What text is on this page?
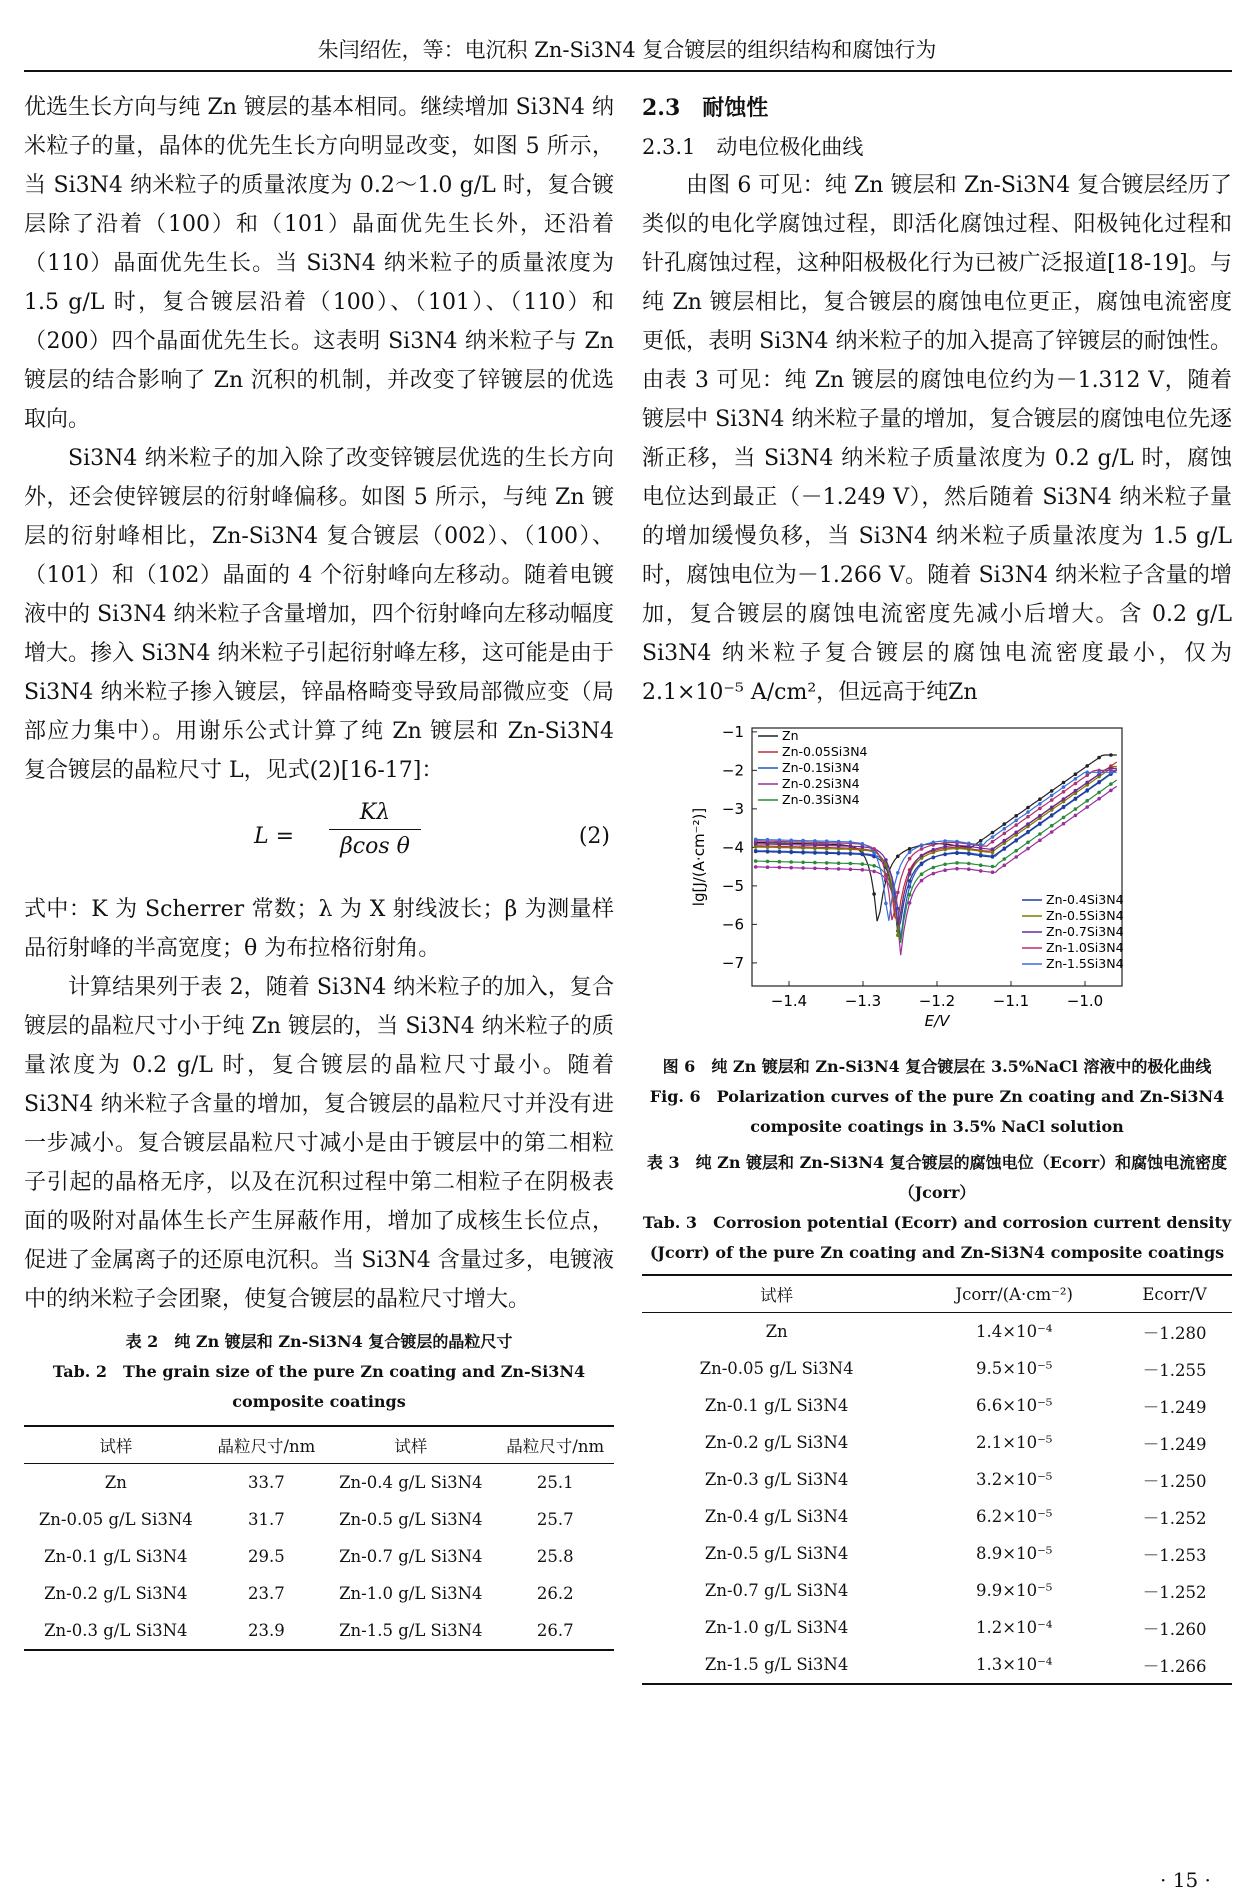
朱闫绍佐，等：电沉积 Zn-Si3N4 复合镀层的组织结构和腐蚀行为

优选生长方向与纯 Zn 镀层的基本相同。继续增加 Si3N4 纳米粒子的量，晶体的优先生长方向明显改变，如图 5 所示，当 Si3N4 纳米粒子的质量浓度为 0.2～1.0 g/L 时，复合镀层除了沿着（100）和（101）晶面优先生长外，还沿着（110）晶面优先生长。当 Si3N4 纳米粒子的质量浓度为 1.5 g/L 时，复合镀层沿着（100）、（101）、（110）和（200）四个晶面优先生长。这表明 Si3N4 纳米粒子与 Zn 镀层的结合影响了 Zn 沉积的机制，并改变了锌镀层的优选取向。

Si3N4 纳米粒子的加入除了改变锌镀层优选的生长方向外，还会使锌镀层的衍射峰偏移。如图 5 所示，与纯 Zn 镀层的衍射峰相比，Zn-Si3N4 复合镀层（002）、（100）、（101）和（102）晶面的 4 个衍射峰向左移动。随着电镀液中的 Si3N4 纳米粒子含量增加，四个衍射峰向左移动幅度增大。掺入 Si3N4 纳米粒子引起衍射峰左移，这可能是由于 Si3N4 纳米粒子掺入镀层，锌晶格畸变导致局部微应变（局部应力集中）。用谢乐公式计算了纯 Zn 镀层和 Zn-Si3N4 复合镀层的晶粒尺寸 L，见式(2)[16-17]：

$L = \frac{K\lambda}{\text{βcos θ}}$	(2)

式中：K 为 Scherrer 常数；λ 为 X 射线波长；β 为测量样品衍射峰的半高宽度；θ 为布拉格衍射角。

计算结果列于表 2，随着 Si3N4 纳米粒子的加入，复合镀层的晶粒尺寸小于纯 Zn 镀层的，当 Si3N4 纳米粒子的质量浓度为 0.2 g/L 时，复合镀层的晶粒尺寸最小。随着 Si3N4 纳米粒子含量的增加，复合镀层的晶粒尺寸并没有进一步减小。复合镀层晶粒尺寸减小是由于镀层中的第二相粒子引起的晶格无序，以及在沉积过程中第二相粒子在阴极表面的吸附对晶体生长产生屏蔽作用，增加了成核生长位点，促进了金属离子的还原电沉积。当 Si3N4 含量过多，电镀液中的纳米粒子会团聚，使复合镀层的晶粒尺寸增大。

表 2　纯 Zn 镀层和 Zn-Si3N4 复合镀层的晶粒尺寸

Tab. 2　The grain size of the pure Zn coating and Zn-Si3N4 composite coatings

试样	晶粒尺寸/nm	试样	晶粒尺寸/nm
Zn	33.7	Zn-0.4 g/L Si3N4	25.1
Zn-0.05 g/L Si3N4	31.7	Zn-0.5 g/L Si3N4	25.7
Zn-0.1 g/L Si3N4	29.5	Zn-0.7 g/L Si3N4	25.8
Zn-0.2 g/L Si3N4	23.7	Zn-1.0 g/L Si3N4	26.2
Zn-0.3 g/L Si3N4	23.9	Zn-1.5 g/L Si3N4	26.7

2.3　耐蚀性

2.3.1　动电位极化曲线

由图 6 可见：纯 Zn 镀层和 Zn-Si3N4 复合镀层经历了类似的电化学腐蚀过程，即活化腐蚀过程、阳极钝化过程和针孔腐蚀过程，这种阳极极化行为已被广泛报道[18-19]。与纯 Zn 镀层相比，复合镀层的腐蚀电位更正，腐蚀电流密度更低，表明 Si3N4 纳米粒子的加入提高了锌镀层的耐蚀性。由表 3 可见：纯 Zn 镀层的腐蚀电位约为－1.312 V，随着镀层中 Si3N4 纳米粒子量的增加，复合镀层的腐蚀电位先逐渐正移，当 Si3N4 纳米粒子质量浓度为 0.2 g/L 时，腐蚀电位达到最正（－1.249 V），然后随着 Si3N4 纳米粒子量的增加缓慢负移，当 Si3N4 纳米粒子质量浓度为 1.5 g/L 时，腐蚀电位为－1.266 V。随着 Si3N4 纳米粒子含量的增加，复合镀层的腐蚀电流密度先减小后增大。含 0.2 g/L Si3N4 纳米粒子复合镀层的腐蚀电流密度最小，仅为 2.1×10⁻⁵ A/cm²，但远高于纯Zn

−1.4	−1.3	−1.2	−1.1	−1.0
−1
−2
−3
−4
−5
−6
−7
E/V
lg[J/(A·cm⁻²)]
Zn
Zn-0.05Si3N4
Zn-0.1Si3N4
Zn-0.2Si3N4
Zn-0.3Si3N4
Zn-0.4Si3N4
Zn-0.5Si3N4
Zn-0.7Si3N4
Zn-1.0Si3N4
Zn-1.5Si3N4

图 6　纯 Zn 镀层和 Zn-Si3N4 复合镀层在 3.5%NaCl 溶液中的极化曲线

Fig. 6　Polarization curves of the pure Zn coating and Zn-Si3N4 composite coatings in 3.5% NaCl solution

表 3　纯 Zn 镀层和 Zn-Si3N4 复合镀层的腐蚀电位（Ecorr）和腐蚀电流密度（Jcorr）

Tab. 3　Corrosion potential (Ecorr) and corrosion current density (Jcorr) of the pure Zn coating and Zn-Si3N4 composite coatings

试样	Jcorr/(A·cm⁻²)	Ecorr/V
Zn	1.4×10⁻⁴	－1.280
Zn-0.05 g/L Si3N4	9.5×10⁻⁵	－1.255
Zn-0.1 g/L Si3N4	6.6×10⁻⁵	－1.249
Zn-0.2 g/L Si3N4	2.1×10⁻⁵	－1.249
Zn-0.3 g/L Si3N4	3.2×10⁻⁵	－1.250
Zn-0.4 g/L Si3N4	6.2×10⁻⁵	－1.252
Zn-0.5 g/L Si3N4	8.9×10⁻⁵	－1.253
Zn-0.7 g/L Si3N4	9.9×10⁻⁵	－1.252
Zn-1.0 g/L Si3N4	1.2×10⁻⁴	－1.260
Zn-1.5 g/L Si3N4	1.3×10⁻⁴	－1.266
· 15 ·
